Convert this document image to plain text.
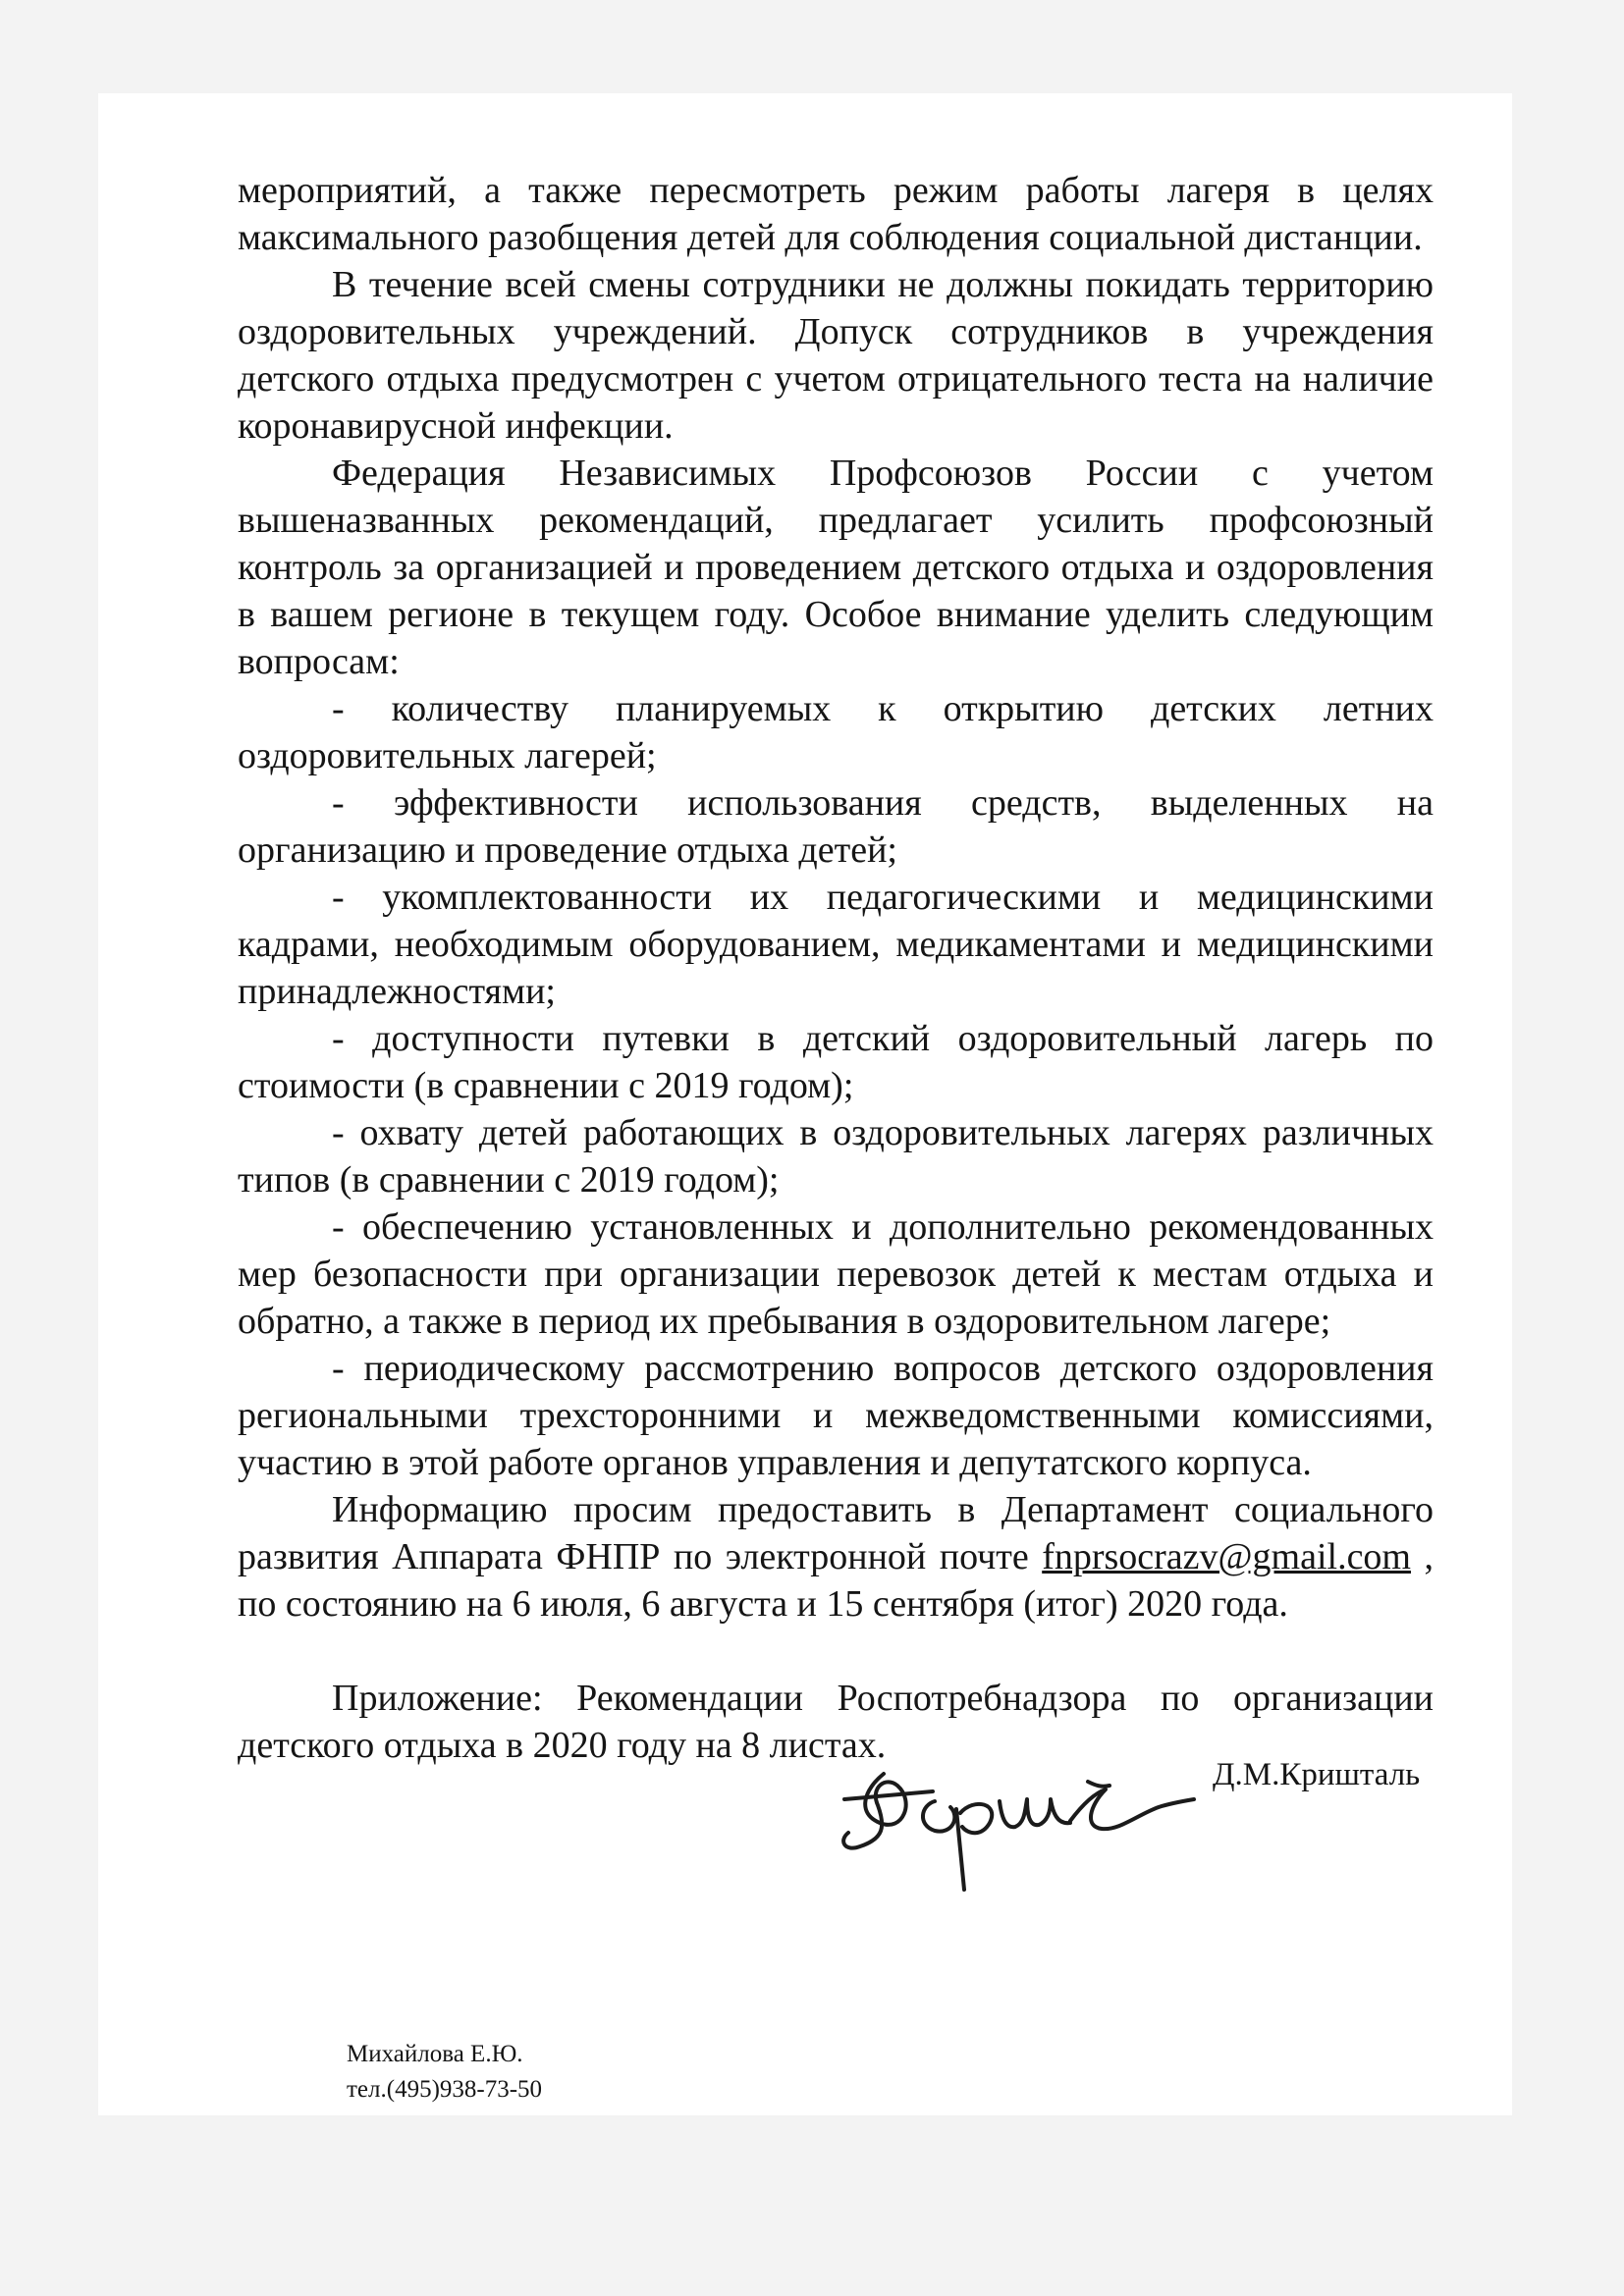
мероприятий, а также пересмотреть режим работы лагеря в целях максимального разобщения детей для соблюдения социальной дистанции.

В течение всей смены сотрудники не должны покидать территорию оздоровительных учреждений. Допуск сотрудников в учреждения детского отдыха предусмотрен с учетом отрицательного теста на наличие коронавирусной инфекции.

Федерация Независимых Профсоюзов России с учетом вышеназванных рекомендаций, предлагает усилить профсоюзный контроль за организацией и проведением детского отдыха и оздоровления в вашем регионе в текущем году. Особое внимание уделить следующим вопросам:

- количеству планируемых к открытию детских летних оздоровительных лагерей;

- эффективности использования средств, выделенных на организацию и проведение отдыха детей;

- укомплектованности их педагогическими и медицинскими кадрами, необходимым оборудованием, медикаментами и медицинскими принадлежностями;

- доступности путевки в детский оздоровительный лагерь по стоимости (в сравнении с 2019 годом);

- охвату детей работающих в оздоровительных лагерях различных типов (в сравнении с 2019 годом);

- обеспечению установленных и дополнительно рекомендованных мер безопасности при организации перевозок детей к местам отдыха и обратно, а также в период их пребывания в оздоровительном лагере;

- периодическому рассмотрению вопросов детского оздоровления региональными трехсторонними и межведомственными комиссиями, участию в этой работе органов управления и депутатского корпуса.

Информацию просим предоставить в Департамент социального развития Аппарата ФНПР по электронной почте fnprsocrazv@gmail.com , по состоянию на 6 июля, 6 августа и 15 сентября (итог) 2020 года.

Приложение: Рекомендации Роспотребнадзора по организации детского отдыха в 2020 году на 8 листах.

Д.М.Кришталь
Михайлова Е.Ю.
тел.(495)938-73-50
